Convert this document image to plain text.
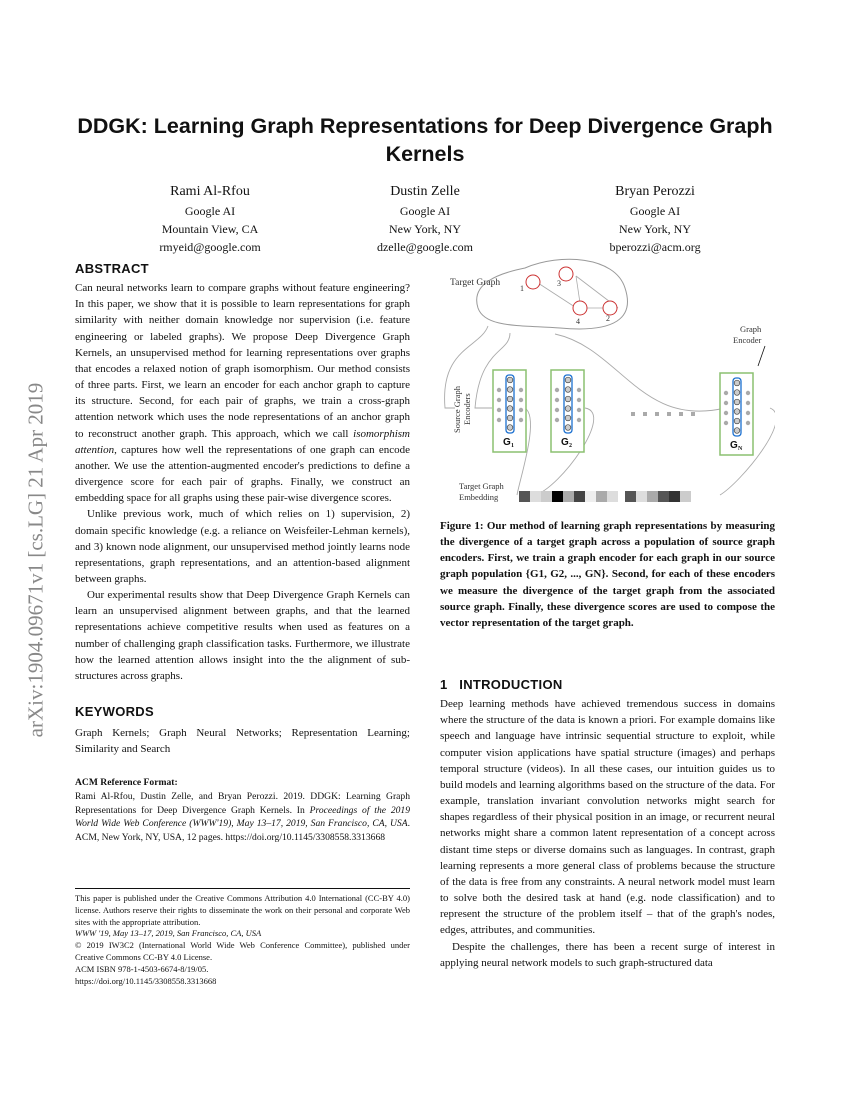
arXiv:1904.09671v1 [cs.LG] 21 Apr 2019
DDGK: Learning Graph Representations for Deep Divergence Graph Kernels
Rami Al-Rfou
Google AI
Mountain View, CA
rmyeid@google.com
Dustin Zelle
Google AI
New York, NY
dzelle@google.com
Bryan Perozzi
Google AI
New York, NY
bperozzi@acm.org
ABSTRACT

Can neural networks learn to compare graphs without feature engineering? In this paper, we show that it is possible to learn representations for graph similarity with neither domain knowledge nor supervision (i.e. feature engineering or labeled graphs). We propose Deep Divergence Graph Kernels, an unsupervised method for learning representations over graphs that encodes a relaxed notion of graph isomorphism. Our method consists of three parts. First, we learn an encoder for each anchor graph to capture its structure. Second, for each pair of graphs, we train a cross-graph attention network which uses the node representations of an anchor graph to reconstruct another graph. This approach, which we call isomorphism attention, captures how well the representations of one graph can encode another. We use the attention-augmented encoder's predictions to define a divergence score for each pair of graphs. Finally, we construct an embedding space for all graphs using these pair-wise divergence scores.

Unlike previous work, much of which relies on 1) supervision, 2) domain specific knowledge (e.g. a reliance on Weisfeiler-Lehman kernels), and 3) known node alignment, our unsupervised method jointly learns node representations, graph representations, and an attention-based alignment between graphs.

Our experimental results show that Deep Divergence Graph Kernels can learn an unsupervised alignment between graphs, and that the learned representations achieve competitive results when used as features on a number of challenging graph classification tasks. Furthermore, we illustrate how the learned attention allows insight into the the alignment of sub-structures across graphs.

KEYWORDS

Graph Kernels; Graph Neural Networks; Representation Learning; Similarity and Search

ACM Reference Format:

Rami Al-Rfou, Dustin Zelle, and Bryan Perozzi. 2019. DDGK: Learning Graph Representations for Deep Divergence Graph Kernels. In Proceedings of the 2019 World Wide Web Conference (WWW'19), May 13–17, 2019, San Francisco, CA, USA. ACM, New York, NY, USA, 12 pages. https://doi.org/10.1145/3308558.3313668

This paper is published under the Creative Commons Attribution 4.0 International (CC-BY 4.0) license. Authors reserve their rights to disseminate the work on their personal and corporate Web sites with the appropriate attribution.

WWW '19, May 13–17, 2019, San Francisco, CA, USA

© 2019 IW3C2 (International World Wide Web Conference Committee), published under Creative Commons CC-BY 4.0 License.

ACM ISBN 978-1-4503-6674-8/19/05.

https://doi.org/10.1145/3308558.3313668

Target Graph
1
3
4	2
Graph
Encoder
Source Graph Encoders
G 1	G 2	G N
Target Graph
Embedding
Figure 1: Our method of learning graph representations by measuring the divergence of a target graph across a population of source graph encoders. First, we train a graph encoder for each graph in our source graph population {G1, G2, ..., GN}. Second, for each of these encoders we measure the divergence of the target graph from the associated source graph. Finally, these divergence scores are used to compose the vector representation of the target graph.
1 INTRODUCTION

Deep learning methods have achieved tremendous success in domains where the structure of the data is known a priori. For example domains like speech and language have intrinsic sequential structure to exploit, while computer vision applications have spatial structure (images) and perhaps temporal structure (videos). In all these cases, our intuition guides us to build models and learning algorithms based on the structure of the data. For example, translation invariant convolution networks might search for shapes regardless of their physical position in an image, or recurrent neural networks might share a common latent representation of a concept across distant time steps or diverse domains such as languages. In contrast, graph learning represents a more general class of problems because the structure of the data is free from any constraints. A neural network model must learn to solve both the desired task at hand (e.g. node classification) and to represent the structure of the problem itself – that of the graph's nodes, edges, attributes, and communities.

Despite the challenges, there has been a recent surge of interest in applying neural network models to such graph-structured data
